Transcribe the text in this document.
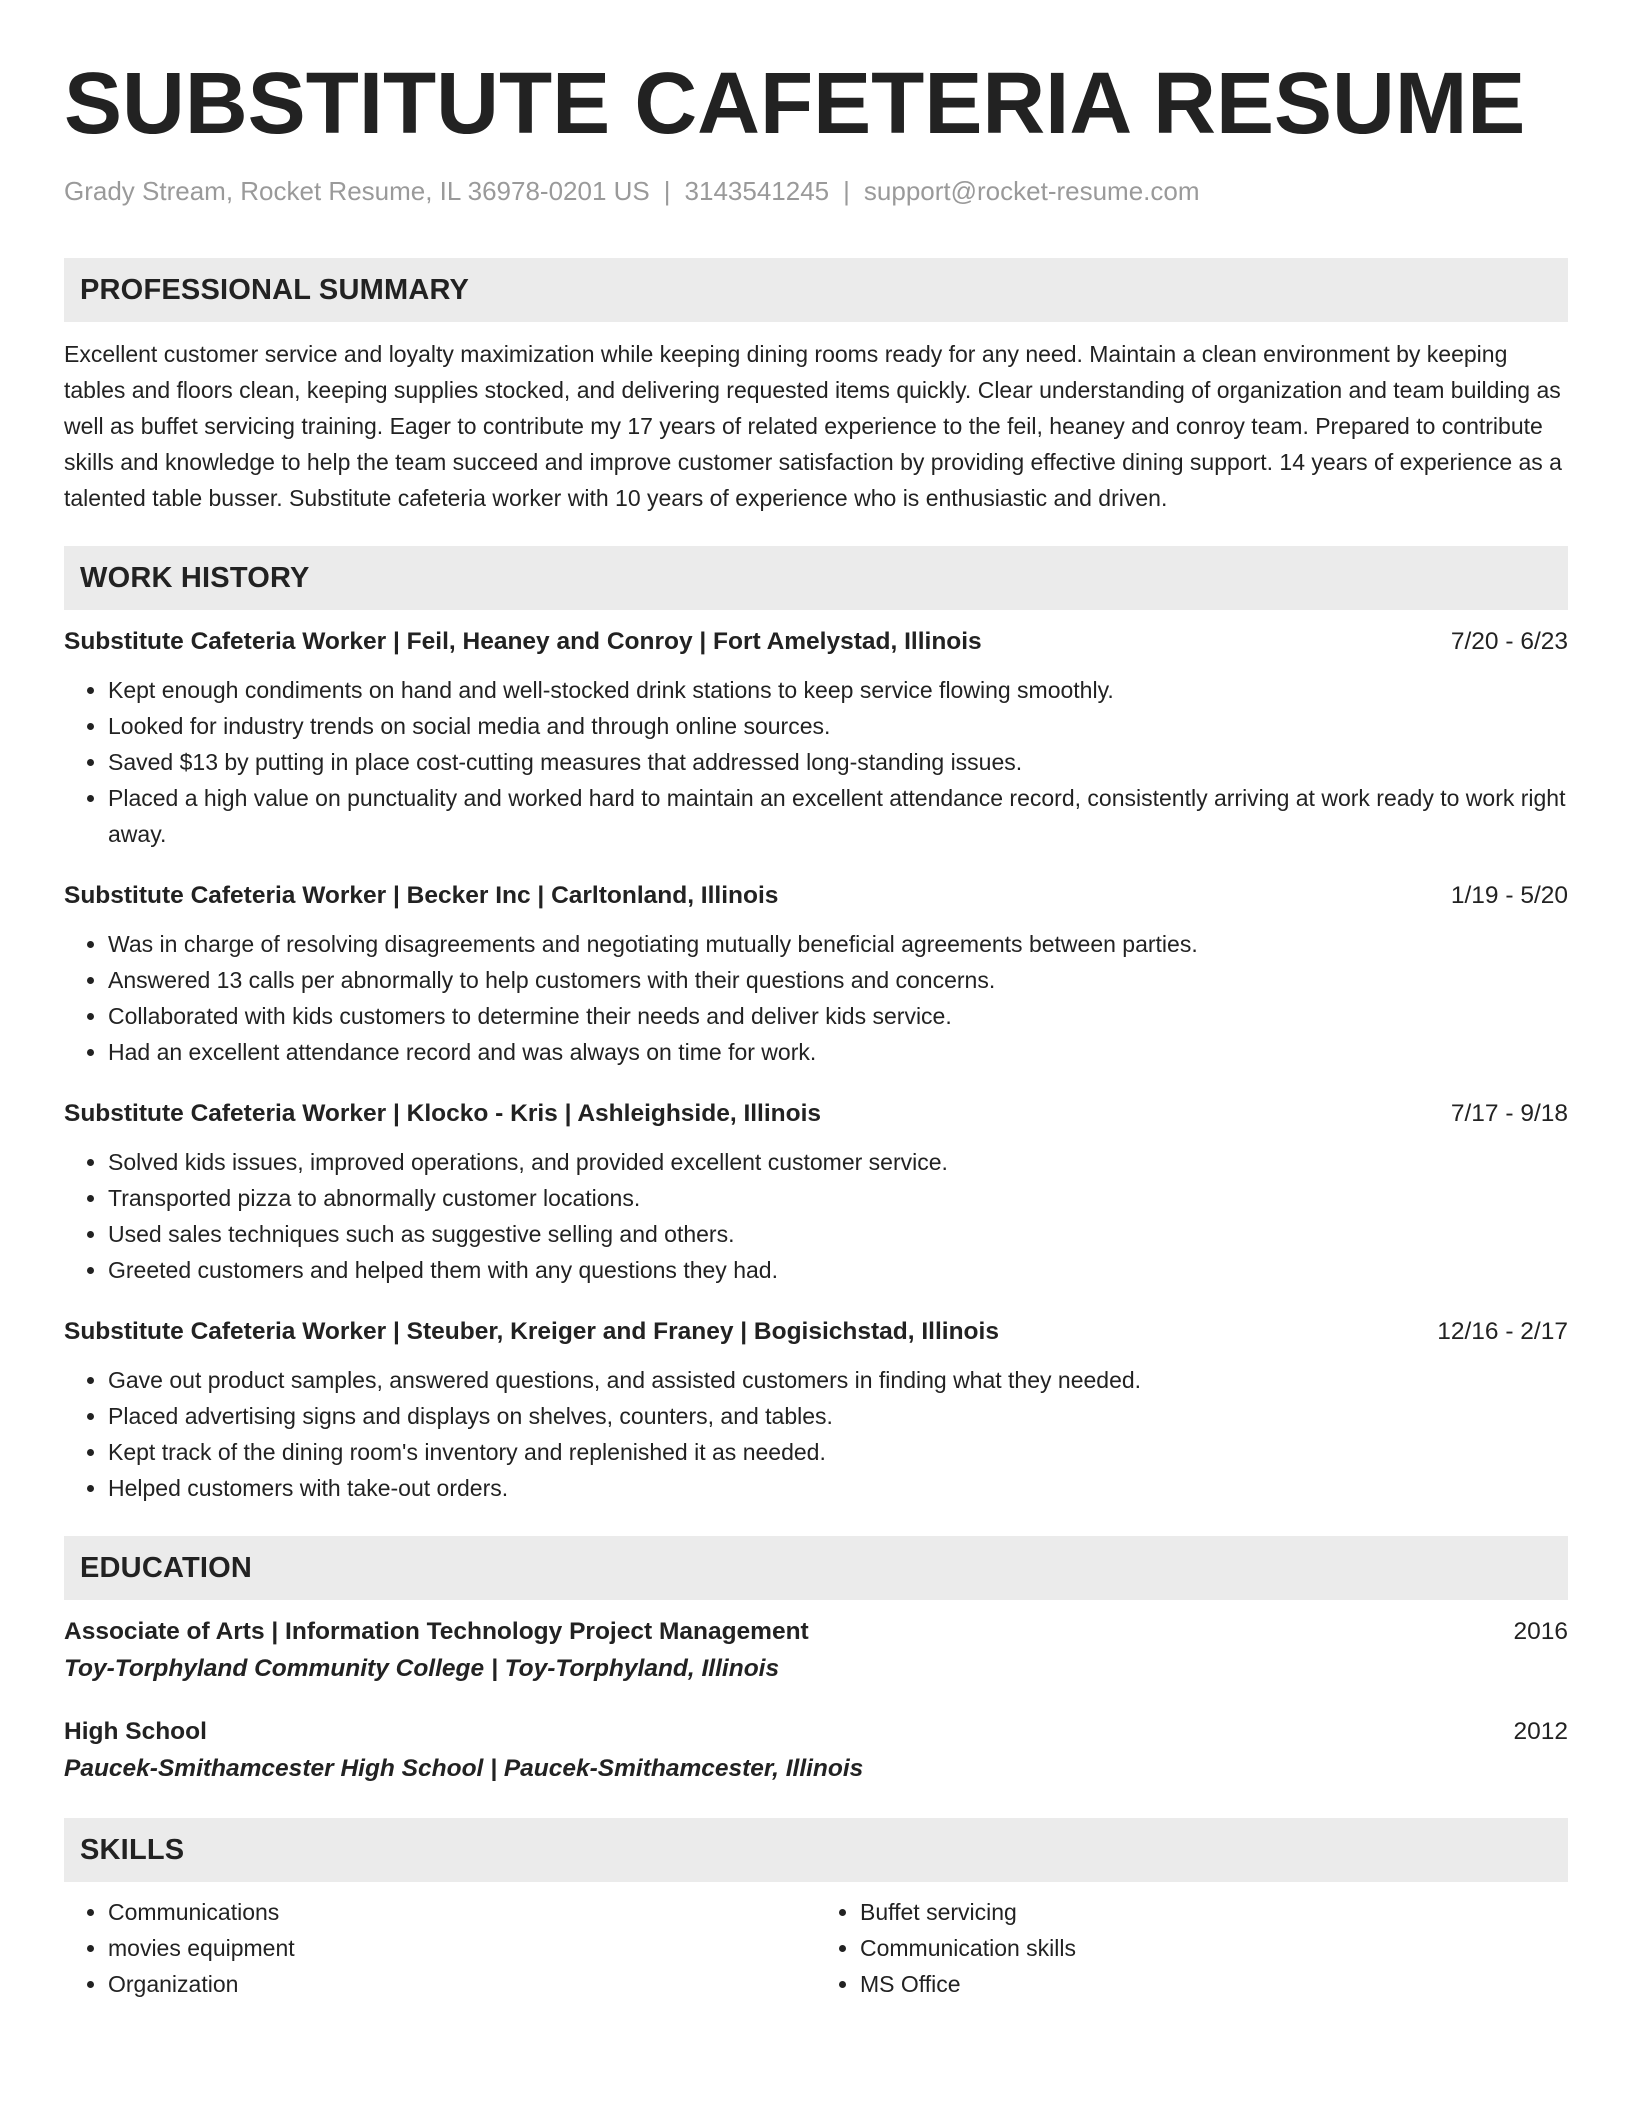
SUBSTITUTE CAFETERIA RESUME
Grady Stream, Rocket Resume, IL 36978-0201 US | 3143541245 | support@rocket-resume.com
PROFESSIONAL SUMMARY
Excellent customer service and loyalty maximization while keeping dining rooms ready for any need. Maintain a clean environment by keeping tables and floors clean, keeping supplies stocked, and delivering requested items quickly. Clear understanding of organization and team building as well as buffet servicing training. Eager to contribute my 17 years of related experience to the feil, heaney and conroy team. Prepared to contribute skills and knowledge to help the team succeed and improve customer satisfaction by providing effective dining support. 14 years of experience as a talented table busser. Substitute cafeteria worker with 10 years of experience who is enthusiastic and driven.
WORK HISTORY
Substitute Cafeteria Worker | Feil, Heaney and Conroy | Fort Amelystad, Illinois	7/20 - 6/23
• Kept enough condiments on hand and well-stocked drink stations to keep service flowing smoothly.
• Looked for industry trends on social media and through online sources.
• Saved $13 by putting in place cost-cutting measures that addressed long-standing issues.
• Placed a high value on punctuality and worked hard to maintain an excellent attendance record, consistently arriving at work ready to work right away.
Substitute Cafeteria Worker | Becker Inc | Carltonland, Illinois	1/19 - 5/20
• Was in charge of resolving disagreements and negotiating mutually beneficial agreements between parties.
• Answered 13 calls per abnormally to help customers with their questions and concerns.
• Collaborated with kids customers to determine their needs and deliver kids service.
• Had an excellent attendance record and was always on time for work.
Substitute Cafeteria Worker | Klocko - Kris | Ashleighside, Illinois	7/17 - 9/18
• Solved kids issues, improved operations, and provided excellent customer service.
• Transported pizza to abnormally customer locations.
• Used sales techniques such as suggestive selling and others.
• Greeted customers and helped them with any questions they had.
Substitute Cafeteria Worker | Steuber, Kreiger and Franey | Bogisichstad, Illinois	12/16 - 2/17
• Gave out product samples, answered questions, and assisted customers in finding what they needed.
• Placed advertising signs and displays on shelves, counters, and tables.
• Kept track of the dining room's inventory and replenished it as needed.
• Helped customers with take-out orders.
EDUCATION
Associate of Arts | Information Technology Project Management	2016
Toy-Torphyland Community College | Toy-Torphyland, Illinois
High School	2012
Paucek-Smithamcester High School | Paucek-Smithamcester, Illinois
SKILLS
• Communications
• movies equipment
• Organization
• Buffet servicing
• Communication skills
• MS Office
